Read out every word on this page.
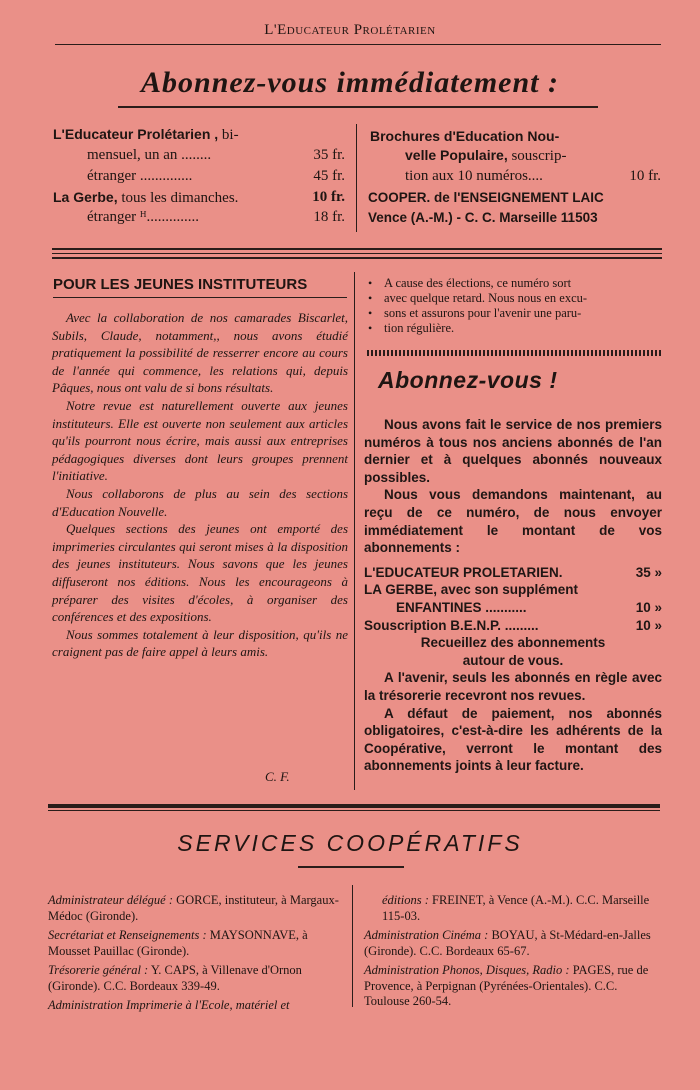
L'Educateur Prolétarien
Abonnez-vous immédiatement :
L'Educateur Prolétarien , bi-
mensuel, un an ........	35 fr.
étranger ..............	45 fr.
La Gerbe, tous les dimanches.	10 fr.
étranger ᴴ..............	18 fr.
Brochures d'Education Nou-
velle Populaire, souscrip-
tion aux 10 numéros....	10 fr.
COOPER. de l'ENSEIGNEMENT LAIC
Vence (A.-M.) - C. C. Marseille 11503
POUR LES JEUNES INSTITUTEURS

Avec la collaboration de nos camarades Biscarlet, Subils, Claude, notamment,, nous avons étudié pratiquement la possibilité de resserrer encore au cours de l'année qui commence, les relations qui, depuis Pâques, nous ont valu de si bons résultats.

Notre revue est naturellement ouverte aux jeunes instituteurs. Elle est ouverte non seulement aux articles qu'ils pourront nous écrire, mais aussi aux entreprises pédagogiques diverses dont leurs groupes prennent l'initiative.

Nous collaborons de plus au sein des sections d'Education Nouvelle.

Quelques sections des jeunes ont emporté des imprimeries circulantes qui seront mises à la disposition des jeunes instituteurs. Nous savons que les jeunes diffuseront nos éditions. Nous les encourageons à préparer des visites d'écoles, à organiser des conférences et des expositions.

Nous sommes totalement à leur disposition, qu'ils ne craignent pas de faire appel à leurs amis.

C. F.
• A cause des élections, ce numéro sort
• avec quelque retard. Nous nous en excu-
• sons et assurons pour l'avenir une paru-
• tion régulière.
Abonnez-vous !
Nous avons fait le service de nos premiers numéros à tous nos anciens abonnés de l'an dernier et à quelques abonnés nouveaux possibles.
Nous vous demandons maintenant, au reçu de ce numéro, de nous envoyer immédiatement le montant de vos abonnements :
L'EDUCATEUR PROLETARIEN.	35 »
LA GERBE, avec son supplément
ENFANTINES ...........	10 »
Souscription B.E.N.P. .........	10 »
Recueillez des abonnements
autour de vous.
A l'avenir, seuls les abonnés en règle avec la trésorerie recevront nos revues.
A défaut de paiement, nos abonnés obligatoires, c'est-à-dire les adhérents de la Coopérative, verront le montant des abonnements joints à leur facture.
SERVICES COOPÉRATIFS
Administrateur délégué : GORCE, instituteur, à Margaux-Médoc (Gironde).
Secrétariat et Renseignements : MAYSONNAVE, à Mousset Pauillac (Gironde).
Trésorerie général : Y. CAPS, à Villenave d'Ornon (Gironde). C.C. Bordeaux 339-49.
Administration Imprimerie à l'Ecole, matériel et
éditions : FREINET, à Vence (A.-M.). C.C. Marseille 115-03.
Administration Cinéma : BOYAU, à St-Médard-en-Jalles (Gironde). C.C. Bordeaux 65-67.
Administration Phonos, Disques, Radio : PAGES, rue de Provence, à Perpignan (Pyrénées-Orientales). C.C. Toulouse 260-54.
